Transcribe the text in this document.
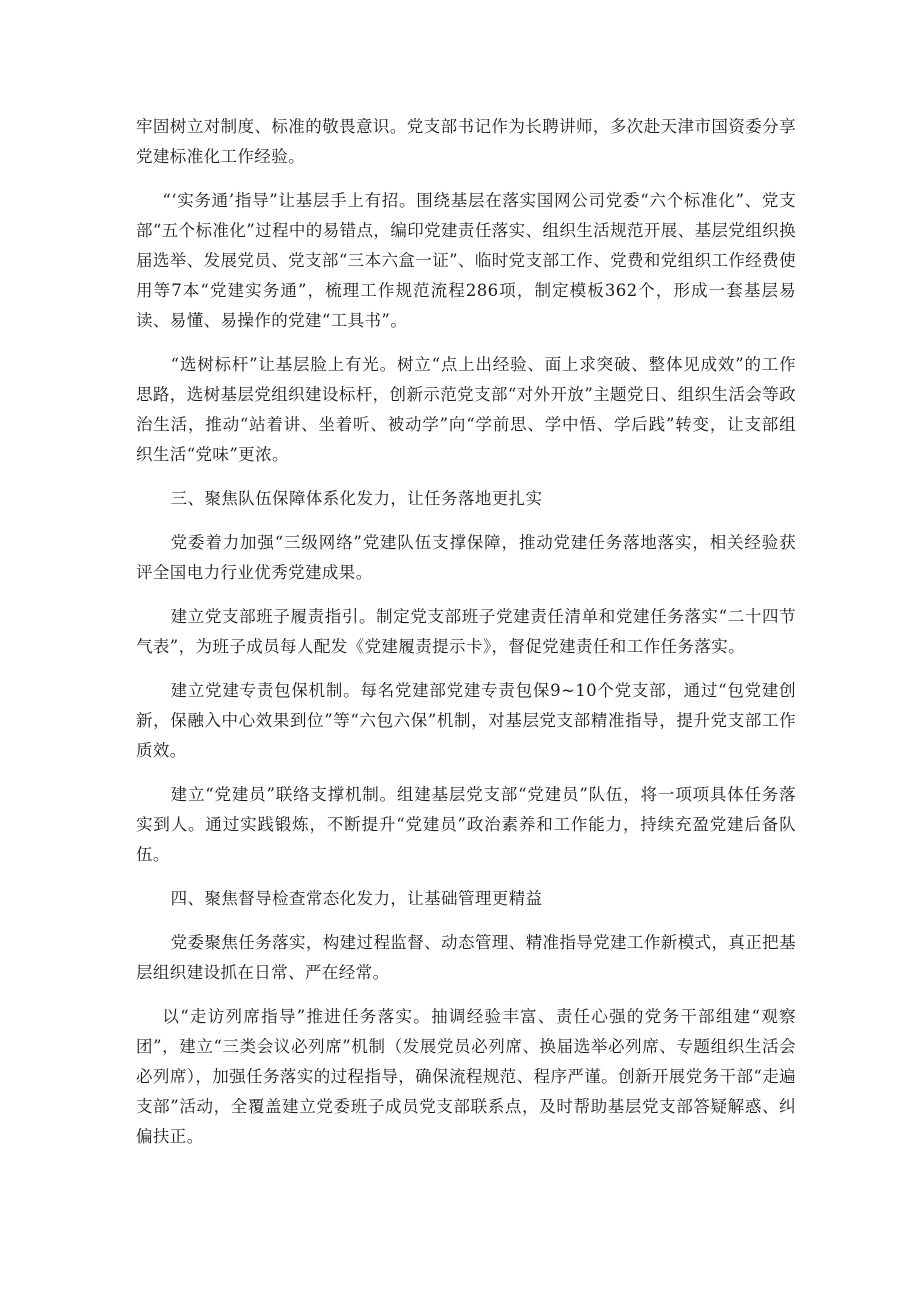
牢固树立对制度、标准的敬畏意识。党支部书记作为长聘讲师，多次赴天津市国资委分享党建标准化工作经验。

“‘实务通’指导”让基层手上有招。围绕基层在落实国网公司党委“六个标准化”、党支部“五个标准化”过程中的易错点，编印党建责任落实、组织生活规范开展、基层党组织换届选举、发展党员、党支部“三本六盒一证”、临时党支部工作、党费和党组织工作经费使用等7本“党建实务通”，梳理工作规范流程286项，制定模板362个，形成一套基层易读、易懂、易操作的党建“工具书”。

“选树标杆”让基层脸上有光。树立“点上出经验、面上求突破、整体见成效”的工作思路，选树基层党组织建设标杆，创新示范党支部“对外开放”主题党日、组织生活会等政治生活，推动“站着讲、坐着听、被动学”向“学前思、学中悟、学后践”转变，让支部组织生活“党味”更浓。

三、聚焦队伍保障体系化发力，让任务落地更扎实

党委着力加强“三级网络”党建队伍支撑保障，推动党建任务落地落实，相关经验获评全国电力行业优秀党建成果。

建立党支部班子履责指引。制定党支部班子党建责任清单和党建任务落实“二十四节气表”，为班子成员每人配发《党建履责提示卡》，督促党建责任和工作任务落实。

建立党建专责包保机制。每名党建部党建专责包保9~10个党支部，通过“包党建创新，保融入中心效果到位”等“六包六保”机制，对基层党支部精准指导，提升党支部工作质效。

建立“党建员”联络支撑机制。组建基层党支部“党建员”队伍，将一项项具体任务落实到人。通过实践锻炼，不断提升“党建员”政治素养和工作能力，持续充盈党建后备队伍。

四、聚焦督导检查常态化发力，让基础管理更精益

党委聚焦任务落实，构建过程监督、动态管理、精准指导党建工作新模式，真正把基层组织建设抓在日常、严在经常。

以“走访列席指导”推进任务落实。抽调经验丰富、责任心强的党务干部组建“观察团”，建立“三类会议必列席”机制（发展党员必列席、换届选举必列席、专题组织生活会必列席），加强任务落实的过程指导，确保流程规范、程序严谨。创新开展党务干部“走遍支部”活动，全覆盖建立党委班子成员党支部联系点，及时帮助基层党支部答疑解惑、纠偏扶正。
